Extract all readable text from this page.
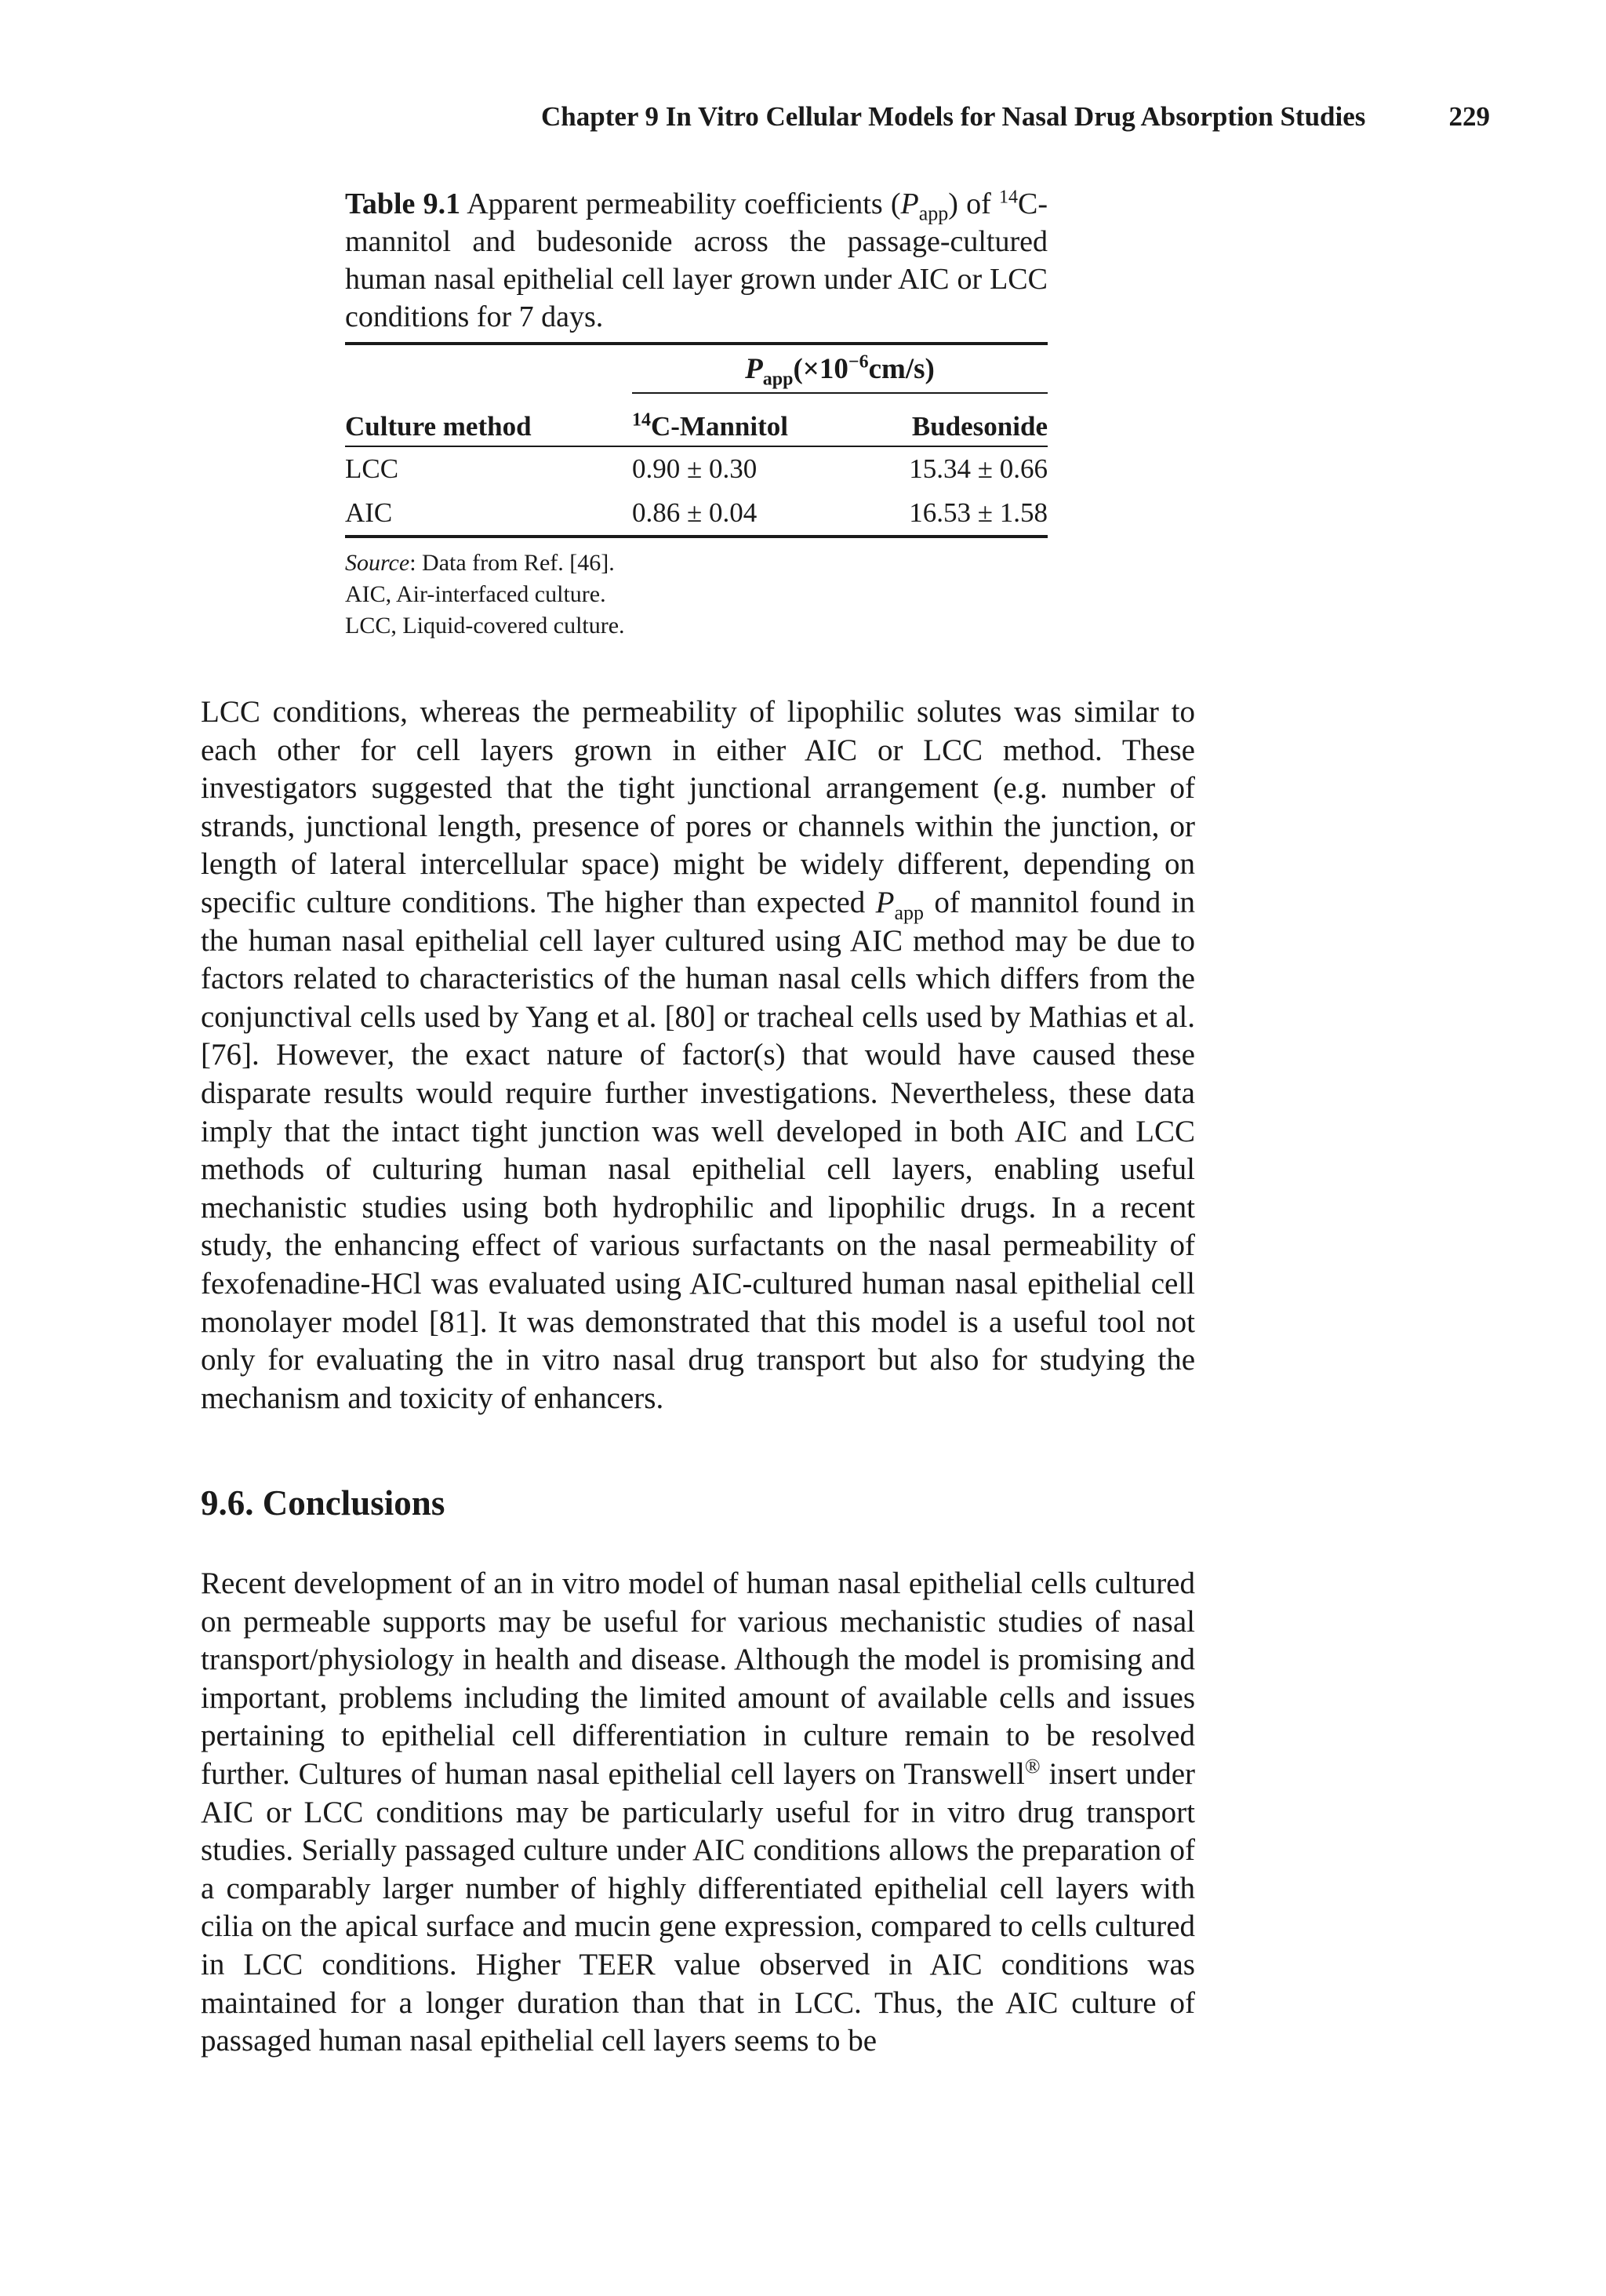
Chapter 9 In Vitro Cellular Models for Nasal Drug Absorption Studies	229
Table 9.1 Apparent permeability coefficients $(P_{app})$ of $^{14}$C-mannitol and budesonide across the passage-cultured human nasal epithelial cell layer grown under AIC or LCC conditions for 7 days.
$P_{app}(\times 10^{-6}cm/s)$
Culture method	$^{14}$C-Mannitol	Budesonide
LCC	0.90 ± 0.30	15.34 ± 0.66
AIC	0.86 ± 0.04	16.53 ± 1.58
Source: Data from Ref. [46].
AIC, Air-interfaced culture.
LCC, Liquid-covered culture.
LCC conditions, whereas the permeability of lipophilic solutes was similar to each other for cell layers grown in either AIC or LCC method. These investigators suggested that the tight junctional arrangement (e.g. number of strands, junctional length, presence of pores or channels within the junction, or length of lateral intercellular space) might be widely different, depending on specific culture conditions. The higher than expected $P_{app}$ of mannitol found in the human nasal epithelial cell layer cultured using AIC method may be due to factors related to characteristics of the human nasal cells which differs from the conjunctival cells used by Yang et al. [80] or tracheal cells used by Mathias et al. [76]. However, the exact nature of factor(s) that would have caused these disparate results would require further investigations. Nevertheless, these data imply that the intact tight junction was well developed in both AIC and LCC methods of culturing human nasal epithelial cell layers, enabling useful mechanistic studies using both hydrophilic and lipophilic drugs. In a recent study, the enhancing effect of various surfactants on the nasal permeability of fexofenadine-HCl was evaluated using AIC-cultured human nasal epithelial cell monolayer model [81]. It was demonstrated that this model is a useful tool not only for evaluating the in vitro nasal drug transport but also for studying the mechanism and toxicity of enhancers.
9.6. Conclusions
Recent development of an in vitro model of human nasal epithelial cells cultured on permeable supports may be useful for various mechanistic studies of nasal transport/physiology in health and disease. Although the model is promising and important, problems including the limited amount of available cells and issues pertaining to epithelial cell differentiation in culture remain to be resolved further. Cultures of human nasal epithelial cell layers on Transwell® insert under AIC or LCC conditions may be particularly useful for in vitro drug transport studies. Serially passaged culture under AIC conditions allows the preparation of a comparably larger number of highly differentiated epithelial cell layers with cilia on the apical surface and mucin gene expression, compared to cells cultured in LCC conditions. Higher TEER value observed in AIC conditions was maintained for a longer duration than that in LCC. Thus, the AIC culture of passaged human nasal epithelial cell layers seems to be
